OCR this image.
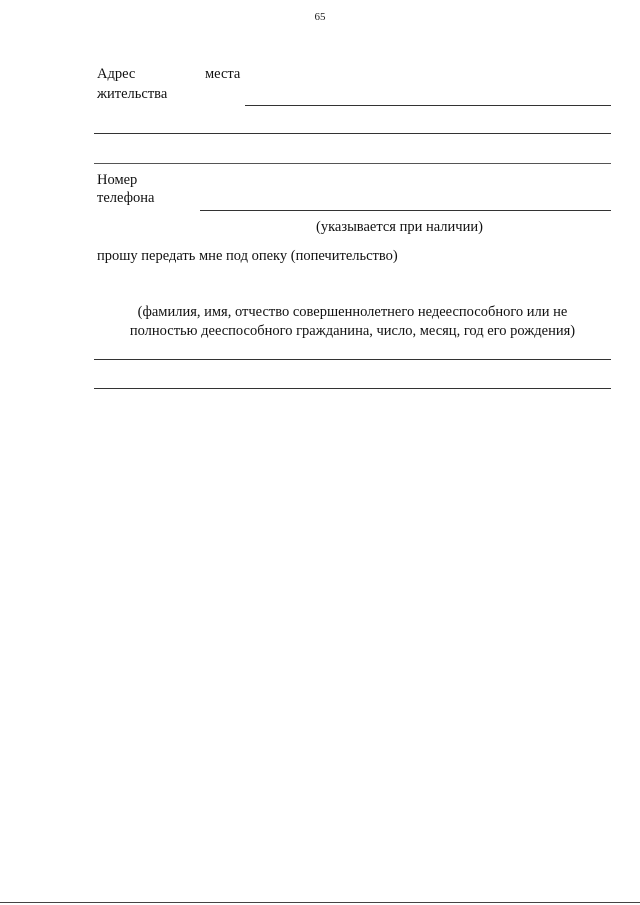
65
Адрес	места
жительства
Номер
телефона
(указывается при наличии)
прошу передать мне под опеку (попечительство)
(фамилия, имя, отчество совершеннолетнего недееспособного или не
полностью дееспособного гражданина, число, месяц, год его рождения)
